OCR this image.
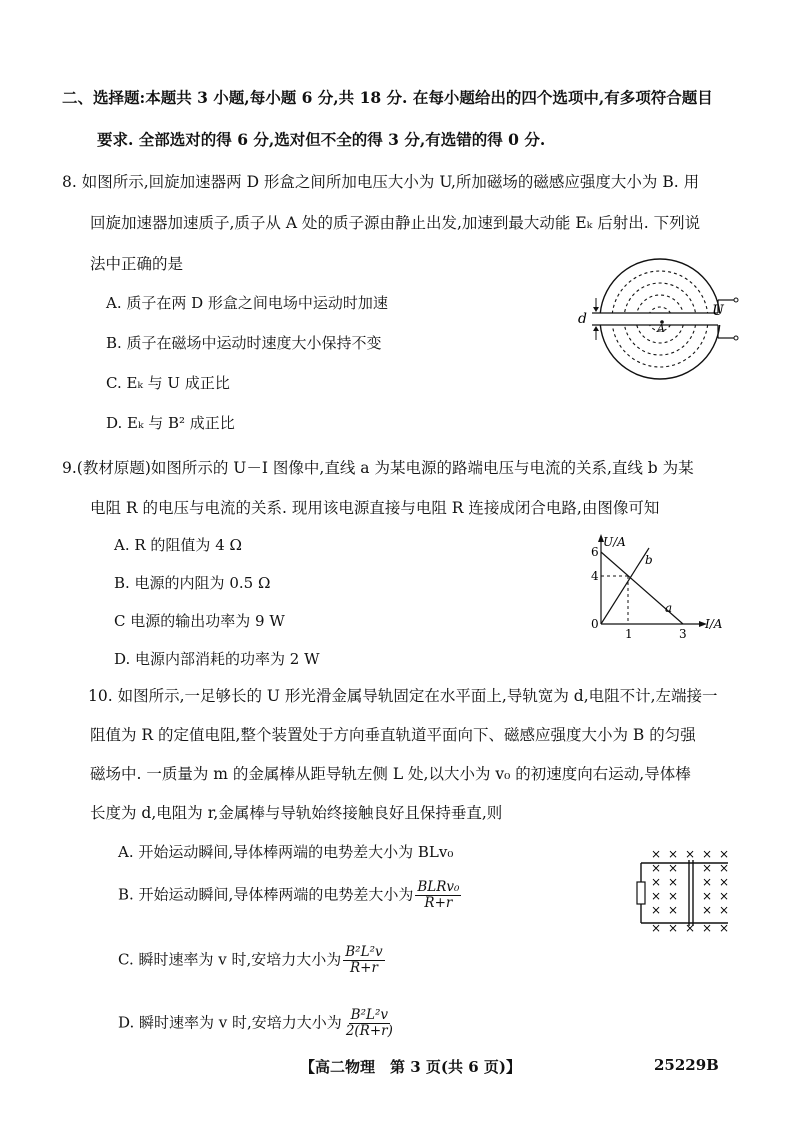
二、选择题:本题共 3 小题,每小题 6 分,共 18 分. 在每小题给出的四个选项中,有多项符合题目
要求. 全部选对的得 6 分,选对但不全的得 3 分,有选错的得 0 分.
8. 如图所示,回旋加速器两 D 形盒之间所加电压大小为 U,所加磁场的磁感应强度大小为 B. 用
回旋加速器加速质子,质子从 A 处的质子源由静止出发,加速到最大动能 Eₖ 后射出. 下列说
法中正确的是
A. 质子在两 D 形盒之间电场中运动时加速
B. 质子在磁场中运动时速度大小保持不变
C. Eₖ 与 U 成正比
D. Eₖ 与 B² 成正比
d	U
A
9.(教材原题)如图所示的 U－I 图像中,直线 a 为某电源的路端电压与电流的关系,直线 b 为某
电阻 R 的电压与电流的关系. 现用该电源直接与电阻 R 连接成闭合电路,由图像可知
A. R 的阻值为 4 Ω
B. 电源的内阻为 0.5 Ω
C 电源的输出功率为 9 W
D. 电源内部消耗的功率为 2 W
U/A
I/A
0
6
4
1	3
a
b
10. 如图所示,一足够长的 U 形光滑金属导轨固定在水平面上,导轨宽为 d,电阻不计,左端接一
阻值为 R 的定值电阻,整个装置处于方向垂直轨道平面向下、磁感应强度大小为 B 的匀强
磁场中. 一质量为 m 的金属棒从距导轨左侧 L 处,以大小为 v₀ 的初速度向右运动,导体棒
长度为 d,电阻为 r,金属棒与导轨始终接触良好且保持垂直,则
A. 开始运动瞬间,导体棒两端的电势差大小为 BLv₀
B. 开始运动瞬间,导体棒两端的电势差大小为 $\frac{\text{BLRv₀}}{R+r}$
C. 瞬时速率为 v 时,安培力大小为 $\frac{\text{B²L²v}}{R+r}$
D. 瞬时速率为 v 时,安培力大小为 $\frac{\text{B²L²v}}{2(R+r)}$
× × × × ×
× × × ×
× × × ×
× × × ×
× × × ×
× × × × ×
【高二物理　第 3 页(共 6 页)】	25229B
